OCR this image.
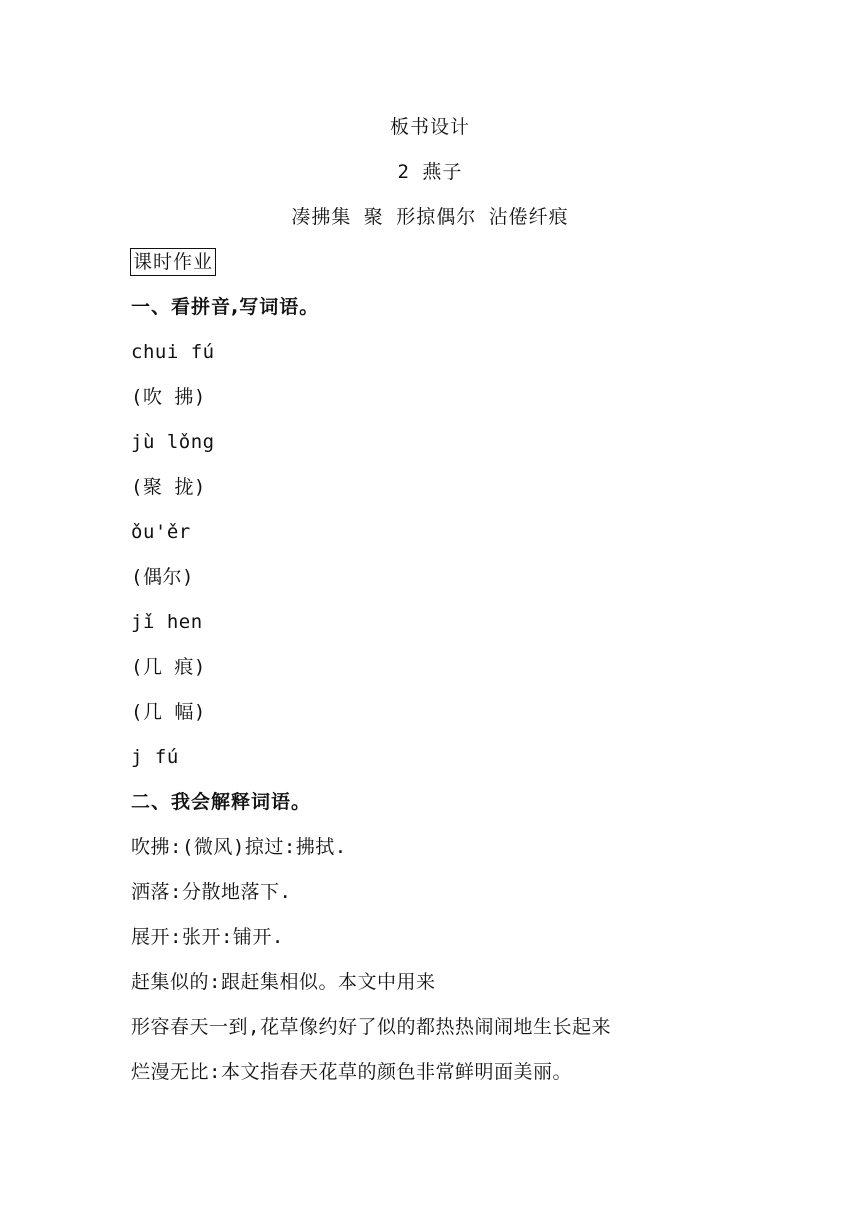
板书设计
2 燕子
凑拂集 聚 形掠偶尔 沾倦纤痕
课时作业
一、看拼音,写词语。
chui fú
(吹 拂)
jù lǒng
(聚 拢)
ǒu'ěr
(偶尔)
jǐ hen
(几 痕)
(几 幅)
j fú
二、我会解释词语。
吹拂:(微风)掠过:拂拭.
洒落:分散地落下.
展开:张开:铺开.
赶集似的:跟赶集相似。本文中用来
形容春天一到,花草像约好了似的都热热闹闹地生长起来
烂漫无比:本文指春天花草的颜色非常鲜明面美丽。
